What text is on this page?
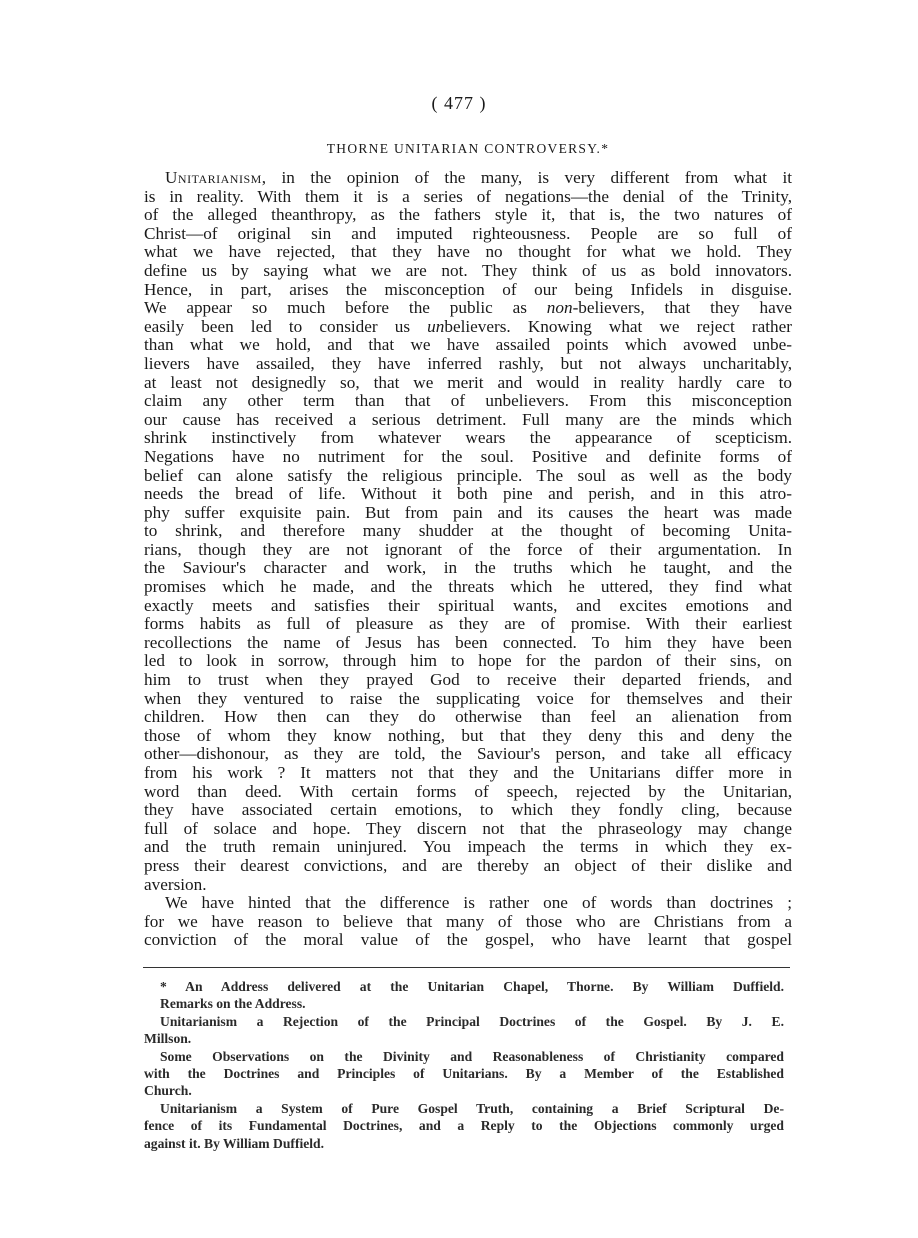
( 477 )
THORNE UNITARIAN CONTROVERSY.*
Unitarianism, in the opinion of the many, is very different from what it
is in reality. With them it is a series of negations—the denial of the Trinity,
of the alleged theanthropy, as the fathers style it, that is, the two natures of
Christ—of original sin and imputed righteousness. People are so full of
what we have rejected, that they have no thought for what we hold. They
define us by saying what we are not. They think of us as bold innovators.
Hence, in part, arises the misconception of our being Infidels in disguise.
We appear so much before the public as non-believers, that they have
easily been led to consider us unbelievers. Knowing what we reject rather
than what we hold, and that we have assailed points which avowed unbe-
lievers have assailed, they have inferred rashly, but not always uncharitably,
at least not designedly so, that we merit and would in reality hardly care to
claim any other term than that of unbelievers. From this misconception
our cause has received a serious detriment. Full many are the minds which
shrink instinctively from whatever wears the appearance of scepticism.
Negations have no nutriment for the soul. Positive and definite forms of
belief can alone satisfy the religious principle. The soul as well as the body
needs the bread of life. Without it both pine and perish, and in this atro-
phy suffer exquisite pain. But from pain and its causes the heart was made
to shrink, and therefore many shudder at the thought of becoming Unita-
rians, though they are not ignorant of the force of their argumentation. In
the Saviour's character and work, in the truths which he taught, and the
promises which he made, and the threats which he uttered, they find what
exactly meets and satisfies their spiritual wants, and excites emotions and
forms habits as full of pleasure as they are of promise. With their earliest
recollections the name of Jesus has been connected. To him they have been
led to look in sorrow, through him to hope for the pardon of their sins, on
him to trust when they prayed God to receive their departed friends, and
when they ventured to raise the supplicating voice for themselves and their
children. How then can they do otherwise than feel an alienation from
those of whom they know nothing, but that they deny this and deny the
other—dishonour, as they are told, the Saviour's person, and take all efficacy
from his work ? It matters not that they and the Unitarians differ more in
word than deed. With certain forms of speech, rejected by the Unitarian,
they have associated certain emotions, to which they fondly cling, because
full of solace and hope. They discern not that the phraseology may change
and the truth remain uninjured. You impeach the terms in which they ex-
press their dearest convictions, and are thereby an object of their dislike and
aversion.
We have hinted that the difference is rather one of words than doctrines ;
for we have reason to believe that many of those who are Christians from a
conviction of the moral value of the gospel, who have learnt that gospel
* An Address delivered at the Unitarian Chapel, Thorne. By William Duffield.
Remarks on the Address.
Unitarianism a Rejection of the Principal Doctrines of the Gospel. By J. E.
Millson.
Some Observations on the Divinity and Reasonableness of Christianity compared
with the Doctrines and Principles of Unitarians. By a Member of the Established
Church.
Unitarianism a System of Pure Gospel Truth, containing a Brief Scriptural De-
fence of its Fundamental Doctrines, and a Reply to the Objections commonly urged
against it. By William Duffield.
